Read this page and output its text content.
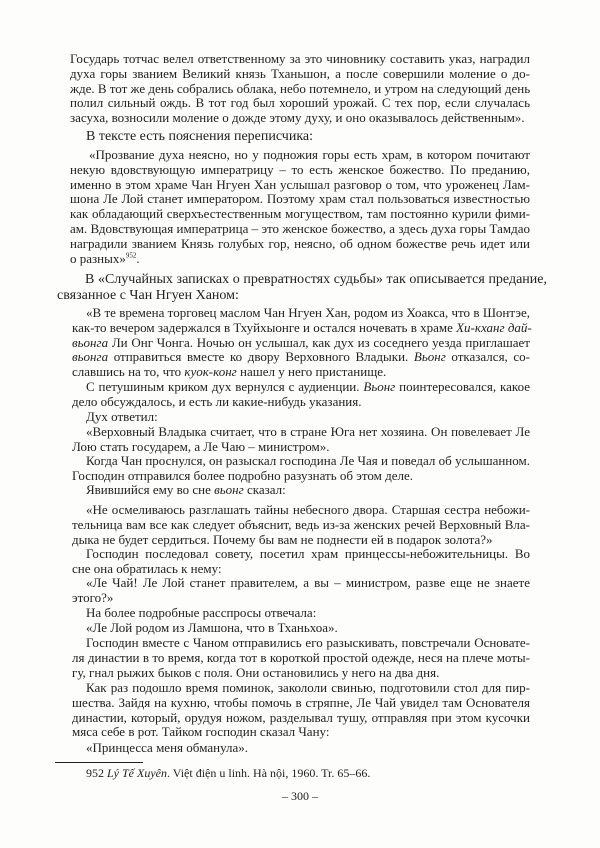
Государь тотчас велел ответственному за это чиновнику составить указ, наградил
духа горы званием Великий князь Тханьшон, а после совершили моление о до-
жде. В тот же день собрались облака, небо потемнело, и утром на следующий день
полил сильный ождь. В тот год был хороший урожай. С тех пор, если случалась
засуха, возносили моление о дожде этому духу, и оно оказывалось действенным».
В тексте есть пояснения переписчика:
«Прозвание духа неясно, но у подножия горы есть храм, в котором почитают
некую вдовствующую императрицу – то есть женское божество. По преданию,
именно в этом храме Чан Нгуен Хан услышал разговор о том, что уроженец Лам-
шона Ле Лой станет императором. Поэтому храм стал пользоваться известностью
как обладающий сверхъестественным могуществом, там постоянно курили фими-
ам. Вдовствующая императрица – это женское божество, а здесь духа горы Тамдао
наградили званием Князь голубых гор, неясно, об одном божестве речь идет или
о разных»$^{952}$.
В «Случайных записках о превратностях судьбы» так описывается предание,
связанное с Чан Нгуен Ханом:
«В те времена торговец маслом Чан Нгуен Хан, родом из Хоакса, что в Шонтэе,
как-то вечером задержался в Тхуйхыонге и остался ночевать в храме Хи-кханг дай-
вьонга Ли Онг Чонга. Ночью он услышал, как дух из соседнего уезда приглашает
вьонга отправиться вместе ко двору Верховного Владыки. Вьонг отказался, со-
славшись на то, что куок-конг нашел у него пристанище.
С петушиным криком дух вернулся с аудиенции. Вьонг поинтересовался, какое
дело обсуждалось, и есть ли какие-нибудь указания.
Дух ответил:
«Верховный Владыка считает, что в стране Юга нет хозяина. Он повелевает Ле
Лою стать государем, а Ле Чаю – министром».
Когда Чан проснулся, он разыскал господина Ле Чая и поведал об услышанном.
Господин отправился более подробно разузнать об этом деле.
Явившийся ему во сне вьонг сказал:
«Не осмеливаюсь разглашать тайны небесного двора. Старшая сестра небожи-
тельница вам все как следует объяснит, ведь из-за женских речей Верховный Вла-
дыка не будет сердиться. Почему бы вам не поднести ей в подарок золота?»
Господин последовал совету, посетил храм принцессы-небожительницы. Во
сне она обратилась к нему:
«Ле Чай! Ле Лой станет правителем, а вы – министром, разве еще не знаете
этого?»
На более подробные расспросы отвечала:
«Ле Лой родом из Ламшона, что в Тханьхоа».
Господин вместе с Чаном отправились его разыскивать, повстречали Основате-
ля династии в то время, когда тот в короткой простой одежде, неся на плече моты-
гу, гнал рыжих быков с поля. Они остановились у него на два дня.
Как раз подошло время поминок, закололи свинью, подготовили стол для пир-
шества. Зайдя на кухню, чтобы помочь в стряпне, Ле Чай увидел там Основателя
династии, который, орудуя ножом, разделывал тушу, отправляя при этом кусочки
мяса себе в рот. Тайком господин сказал Чану:
«Принцесса меня обманула».
952 Lý Tế Xuyên. Việt điện u linh. Hà nội, 1960. Tr. 65–66.
– 300 –
